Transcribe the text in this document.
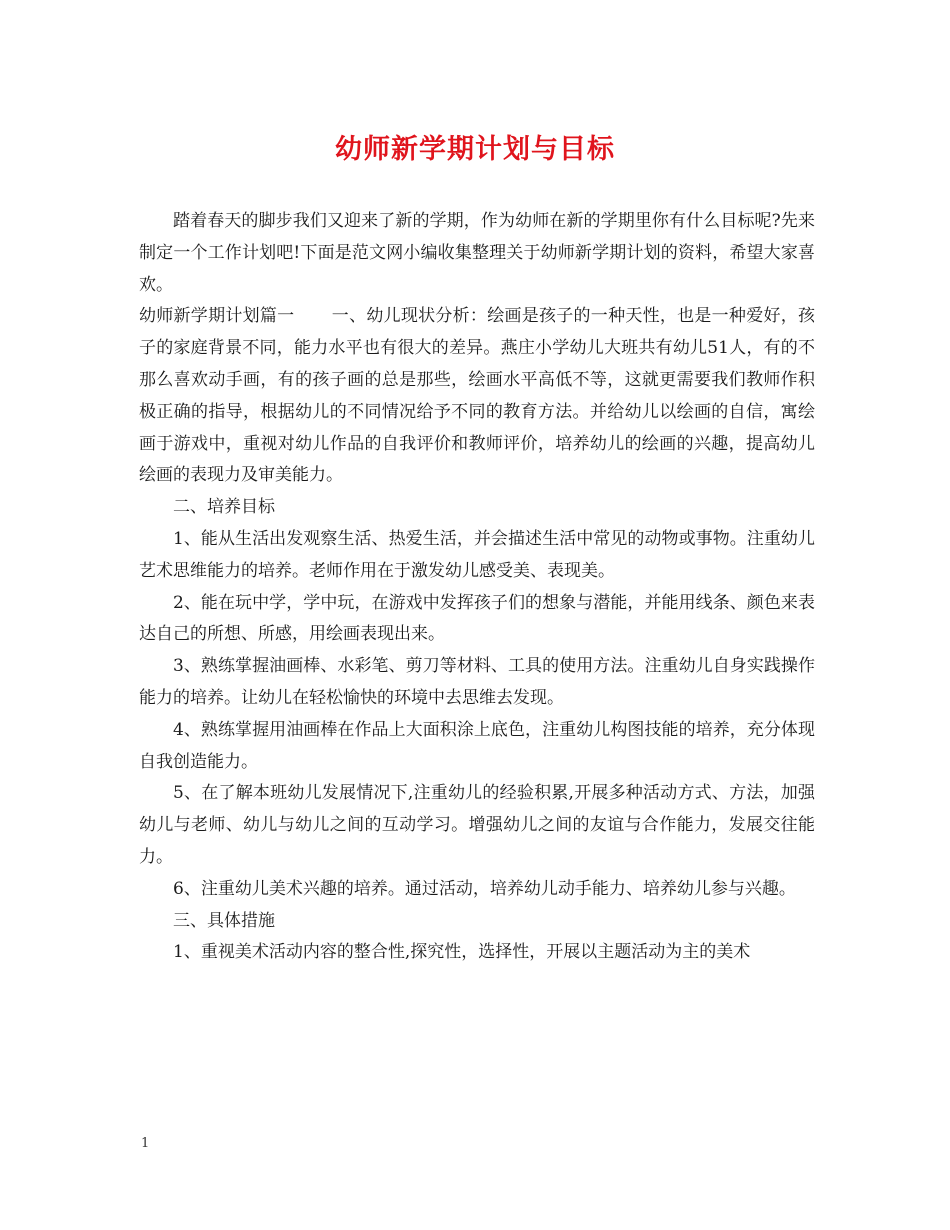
幼师新学期计划与目标

踏着春天的脚步我们又迎来了新的学期，作为幼师在新的学期里你有什么目标呢?先来制定一个工作计划吧!下面是范文网小编收集整理关于幼师新学期计划的资料，希望大家喜欢。

幼师新学期计划篇一 一、幼儿现状分析：绘画是孩子的一种天性，也是一种爱好，孩子的家庭背景不同，能力水平也有很大的差异。燕庄小学幼儿大班共有幼儿51人，有的不那么喜欢动手画，有的孩子画的总是那些，绘画水平高低不等，这就更需要我们教师作积极正确的指导，根据幼儿的不同情况给予不同的教育方法。并给幼儿以绘画的自信，寓绘画于游戏中，重视对幼儿作品的自我评价和教师评价，培养幼儿的绘画的兴趣，提高幼儿绘画的表现力及审美能力。

二、培养目标

1、能从生活出发观察生活、热爱生活，并会描述生活中常见的动物或事物。注重幼儿艺术思维能力的培养。老师作用在于激发幼儿感受美、表现美。

2、能在玩中学，学中玩，在游戏中发挥孩子们的想象与潜能，并能用线条、颜色来表达自己的所想、所感，用绘画表现出来。

3、熟练掌握油画棒、水彩笔、剪刀等材料、工具的使用方法。注重幼儿自身实践操作能力的培养。让幼儿在轻松愉快的环境中去思维去发现。

4、熟练掌握用油画棒在作品上大面积涂上底色，注重幼儿构图技能的培养，充分体现自我创造能力。

5、在了解本班幼儿发展情况下,注重幼儿的经验积累,开展多种活动方式、方法，加强幼儿与老师、幼儿与幼儿之间的互动学习。增强幼儿之间的友谊与合作能力，发展交往能力。

6、注重幼儿美术兴趣的培养。通过活动，培养幼儿动手能力、培养幼儿参与兴趣。

三、具体措施

1、重视美术活动内容的整合性,探究性，选择性，开展以主题活动为主的美术

1
